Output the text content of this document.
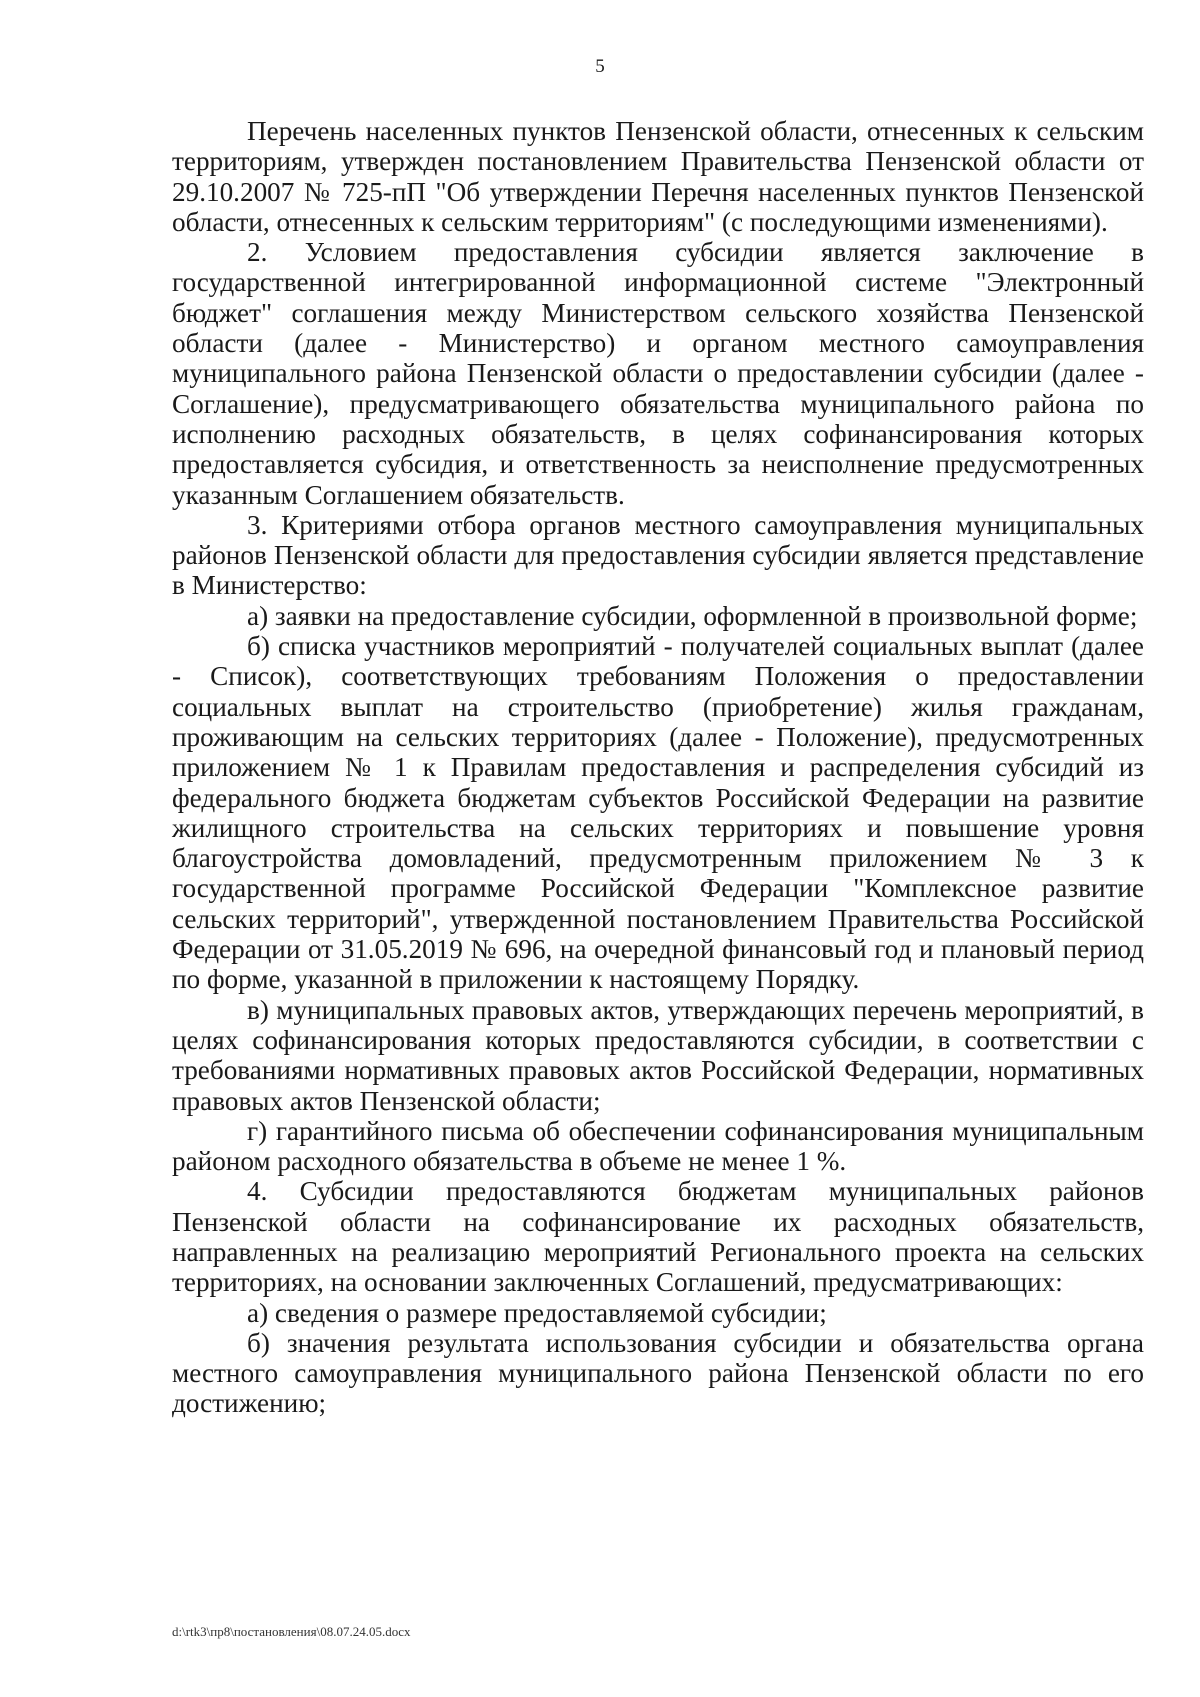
5

Перечень населенных пунктов Пензенской области, отнесенных к сельским территориям, утвержден постановлением Правительства Пензенской области от 29.10.2007 № 725-пП "Об утверждении Перечня населенных пунктов Пензенской области, отнесенных к сельским территориям" (с последующими изменениями).

2. Условием предоставления субсидии является заключение в государственной интегрированной информационной системе "Электронный бюджет" соглашения между Министерством сельского хозяйства Пензенской области (далее - Министерство) и органом местного самоуправления муниципального района Пензенской области о предоставлении субсидии (далее - Соглашение), предусматривающего обязательства муниципального района по исполнению расходных обязательств, в целях софинансирования которых предоставляется субсидия, и ответственность за неисполнение предусмотренных указанным Соглашением обязательств.

3. Критериями отбора органов местного самоуправления муниципальных районов Пензенской области для предоставления субсидии является представление в Министерство:

а) заявки на предоставление субсидии, оформленной в произвольной форме;

б) списка участников мероприятий - получателей социальных выплат (далее - Список), соответствующих требованиям Положения о предоставлении социальных выплат на строительство (приобретение) жилья гражданам, проживающим на сельских территориях (далее - Положение), предусмотренных приложением № 1 к Правилам предоставления и распределения субсидий из федерального бюджета бюджетам субъектов Российской Федерации на развитие жилищного строительства на сельских территориях и повышение уровня благоустройства домовладений, предусмотренным приложением № 3 к государственной программе Российской Федерации "Комплексное развитие сельских территорий", утвержденной постановлением Правительства Российской Федерации от 31.05.2019 № 696, на очередной финансовый год и плановый период по форме, указанной в приложении к настоящему Порядку.

в) муниципальных правовых актов, утверждающих перечень мероприятий, в целях софинансирования которых предоставляются субсидии, в соответствии с требованиями нормативных правовых актов Российской Федерации, нормативных правовых актов Пензенской области;

г) гарантийного письма об обеспечении софинансирования муниципальным районом расходного обязательства в объеме не менее 1 %.

4. Субсидии предоставляются бюджетам муниципальных районов Пензенской области на софинансирование их расходных обязательств, направленных на реализацию мероприятий Регионального проекта на сельских территориях, на основании заключенных Соглашений, предусматривающих:

а) сведения о размере предоставляемой субсидии;

б) значения результата использования субсидии и обязательства органа местного самоуправления муниципального района Пензенской области по его достижению;

d:\rtk3\пр8\постановления\08.07.24.05.docx
